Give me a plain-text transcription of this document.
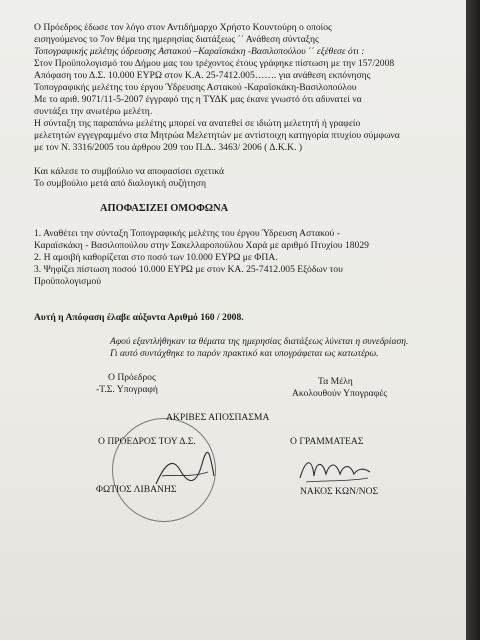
Ο Πρόεδρος έδωσε τον λόγο στον Αντιδήμαρχο Χρήστο Κουντούρη ο οποίος
εισηγούμενος το 7ον θέμα της ημερησίας διατάξεως ΄΄ Ανάθεση σύνταξης
Τοπογραφικής μελέτης ύδρευσης Αστακού –Καραϊσκάκη -Βασιλοπούλου ΄΄ εξέθεσε ότι :
Στον Προϋπολογισμό του Δήμου μας του τρέχοντος έτους γράφηκε πίστωση με την 157/2008
Απόφαση του Δ.Σ. 10.000 ΕΥΡΩ στον Κ.Α. 25-7412.005……. για ανάθεση εκπόνησης
Τοπογραφικής μελέτης του έργου Ύδρευσης Αστακού -Καραϊσκάκη-Βασιλοπούλου
Με το αριθ. 9071/11-5-2007 έγγραφό της η ΤΥΔΚ μας έκανε γνωστό ότι αδυνατεί να
συντάξει την ανωτέρω μελέτη.
Η σύνταξη της παραπάνω μελέτης μπορεί να ανατεθεί σε ιδιώτη μελετητή ή γραφείο
μελετητών εγγεγραμμένο στα Μητρώα Μελετητών με αντίστοιχη κατηγορία πτυχίου σύμφωνα
με τον Ν. 3316/2005 του άρθρου 209 του Π.Δ.. 3463/ 2006 ( Δ.Κ.Κ. )
Και κάλεσε το συμβούλιο να αποφασίσει σχετικά
Το συμβούλιο μετά από διαλογική συζήτηση
ΑΠΟΦΑΣΙΖΕΙ ΟΜΟΦΩΝΑ
1. Αναθέτει την σύνταξη Τοπογραφικής μελέτης του έργου Ύδρευση Αστακού -
Καραϊσκάκη - Βασιλοπούλου στην Σακελλαροπούλου Χαρά με αριθμό Πτυχίου 18029
2. Η αμοιβή καθορίζεται στο ποσό των 10.000 ΕΥΡΩ με ΦΠΑ.
3. Ψηφίζει πίστωση ποσού 10.000 ΕΥΡΩ με στον ΚΑ. 25-7412.005 Εξόδων του
Προϋπολογισμού
Αυτή η Απόφαση έλαβε αύξοντα Αριθμό 160 / 2008.
Αφού εξαντλήθηκαν τα θέματα της ημερησίας διατάξεως λύνεται η συνεδρίαση.
Γι αυτό συντάχθηκε το παρόν πρακτικό και υπογράφεται ως κατωτέρω.
Ο Πρόεδρος
-Τ.Σ. Υπογραφή
Τα Μέλη
Ακολουθούν Υπογραφές
ΑΚΡΙΒΕΣ ΑΠΟΣΠΑΣΜΑ
Ο ΠΡΟΕΔΡΟΣ ΤΟΥ Δ.Σ.	Ο ΓΡΑΜΜΑΤΕΑΣ
ΦΩΤΙΟΣ ΛΙΒΑΝΗΣ	ΝΑΚΟΣ ΚΩΝ/ΝΟΣ
